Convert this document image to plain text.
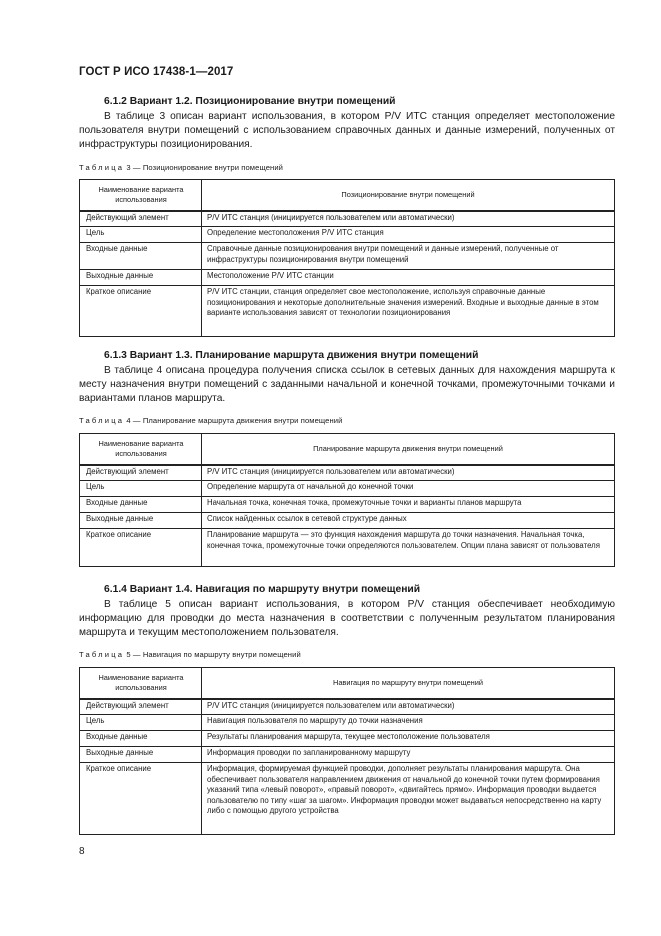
ГОСТ Р ИСО 17438-1—2017
6.1.2 Вариант 1.2. Позиционирование внутри помещений
В таблице 3 описан вариант использования, в котором P/V ИТС станция определяет местоположение пользователя внутри помещений с использованием справочных данных и данные измерений, полученных от инфраструктуры позиционирования.
Таблица 3 — Позиционирование внутри помещений
Наименование варианта использования	Позиционирование внутри помещений
Действующий элемент	P/V ИТС станция (инициируется пользователем или автоматически)
Цель	Определение местоположения P/V ИТС станция
Входные данные	Справочные данные позиционирования внутри помещений и данные измерений, полученные от инфраструктуры позиционирования внутри помещений
Выходные данные	Местоположение P/V ИТС станции
Краткое описание	P/V ИТС станции, станция определяет свое местоположение, используя справочные данные позиционирования и некоторые дополнительные значения измерений. Входные и выходные данные в этом варианте использования зависят от технологии позиционирования
6.1.3 Вариант 1.3. Планирование маршрута движения внутри помещений
В таблице 4 описана процедура получения списка ссылок в сетевых данных для нахождения маршрута к месту назначения внутри помещений с заданными начальной и конечной точками, промежуточными точками и вариантами планов маршрута.
Таблица 4 — Планирование маршрута движения внутри помещений
Наименование варианта использования	Планирование маршрута движения внутри помещений
Действующий элемент	P/V ИТС станция (инициируется пользователем или автоматически)
Цель	Определение маршрута от начальной до конечной точки
Входные данные	Начальная точка, конечная точка, промежуточные точки и варианты планов маршрута
Выходные данные	Список найденных ссылок в сетевой структуре данных
Краткое описание	Планирование маршрута — это функция нахождения маршрута до точки назначения. Начальная точка, конечная точка, промежуточные точки определяются пользователем. Опции плана зависят от пользователя
6.1.4 Вариант 1.4. Навигация по маршруту внутри помещений
В таблице 5 описан вариант использования, в котором P/V станция обеспечивает необходимую информацию для проводки до места назначения в соответствии с полученным результатом планирования маршрута и текущим местоположением пользователя.
Таблица 5 — Навигация по маршруту внутри помещений
Наименование варианта использования	Навигация по маршруту внутри помещений
Действующий элемент	P/V ИТС станция (инициируется пользователем или автоматически)
Цель	Навигация пользователя по маршруту до точки назначения
Входные данные	Результаты планирования маршрута, текущее местоположение пользователя
Выходные данные	Информация проводки по запланированному маршруту
Краткое описание	Информация, формируемая функцией проводки, дополняет результаты планирования маршрута. Она обеспечивает пользователя направлением движения от начальной до конечной точки путем формирования указаний типа «левый поворот», «правый поворот», «двигайтесь прямо». Информация проводки выдается пользователю по типу «шаг за шагом». Информация проводки может выдаваться непосредственно на карту либо с помощью другого устройства
8
